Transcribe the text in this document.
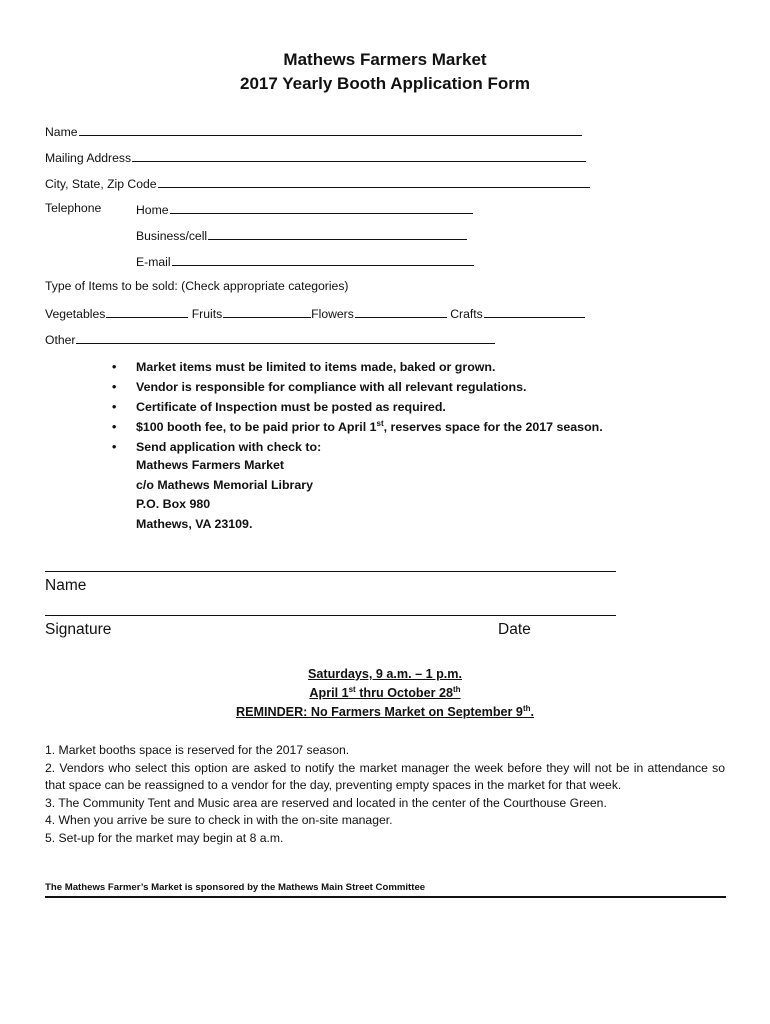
Mathews Farmers Market
2017 Yearly Booth Application Form
Name
Mailing Address
City, State, Zip Code
Telephone	Home
Business/cell
E-mail
Type of Items to be sold: (Check appropriate categories)
Vegetables	Fruits	Flowers	Crafts
Other
• Market items must be limited to items made, baked or grown.
• Vendor is responsible for compliance with all relevant regulations.
• Certificate of Inspection must be posted as required.
• $100 booth fee, to be paid prior to April 1st, reserves space for the 2017 season.
• Send application with check to:
Mathews Farmers Market
c/o Mathews Memorial Library
P.O. Box 980
Mathews, VA 23109.
Name
Signature	Date
Saturdays, 9 a.m. – 1 p.m.
April 1st thru October 28th
REMINDER: No Farmers Market on September 9th.

1. Market booths space is reserved for the 2017 season.

2. Vendors who select this option are asked to notify the market manager the week before they will not be in attendance so that space can be reassigned to a vendor for the day, preventing empty spaces in the market for that week.

3. The Community Tent and Music area are reserved and located in the center of the Courthouse Green.

4. When you arrive be sure to check in with the on-site manager.

5. Set-up for the market may begin at 8 a.m.

The Mathews Farmer’s Market is sponsored by the Mathews Main Street Committee
